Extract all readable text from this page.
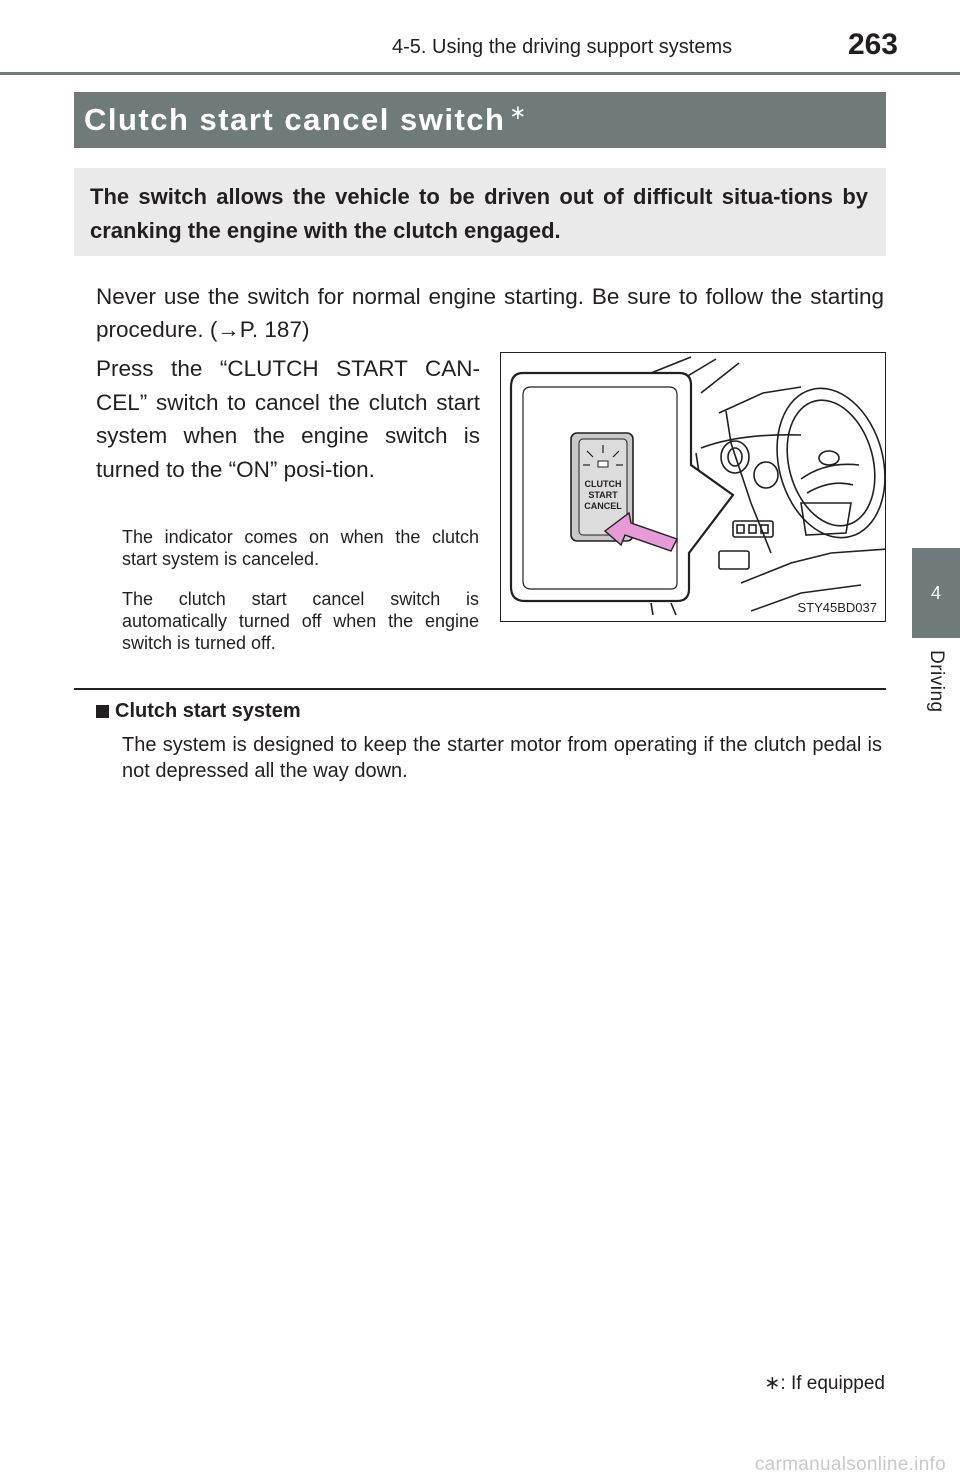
4-5. Using the driving support systems	263
4
Driving
Clutch start cancel switch∗
The switch allows the vehicle to be driven out of difficult situa-tions by cranking the engine with the clutch engaged.
Never use the switch for normal engine starting. Be sure to follow the starting procedure. (→P. 187)
Press the “CLUTCH START CAN-CEL” switch to cancel the clutch start system when the engine switch is turned to the “ON” posi-tion.
The indicator comes on when the clutch start system is canceled.
The clutch start cancel switch is automatically turned off when the engine switch is turned off.
CLUTCH
START
CANCEL
STY45BD037
Clutch start system
The system is designed to keep the starter motor from operating if the clutch pedal is not depressed all the way down.
∗: If equipped
carmanualsonline.info
